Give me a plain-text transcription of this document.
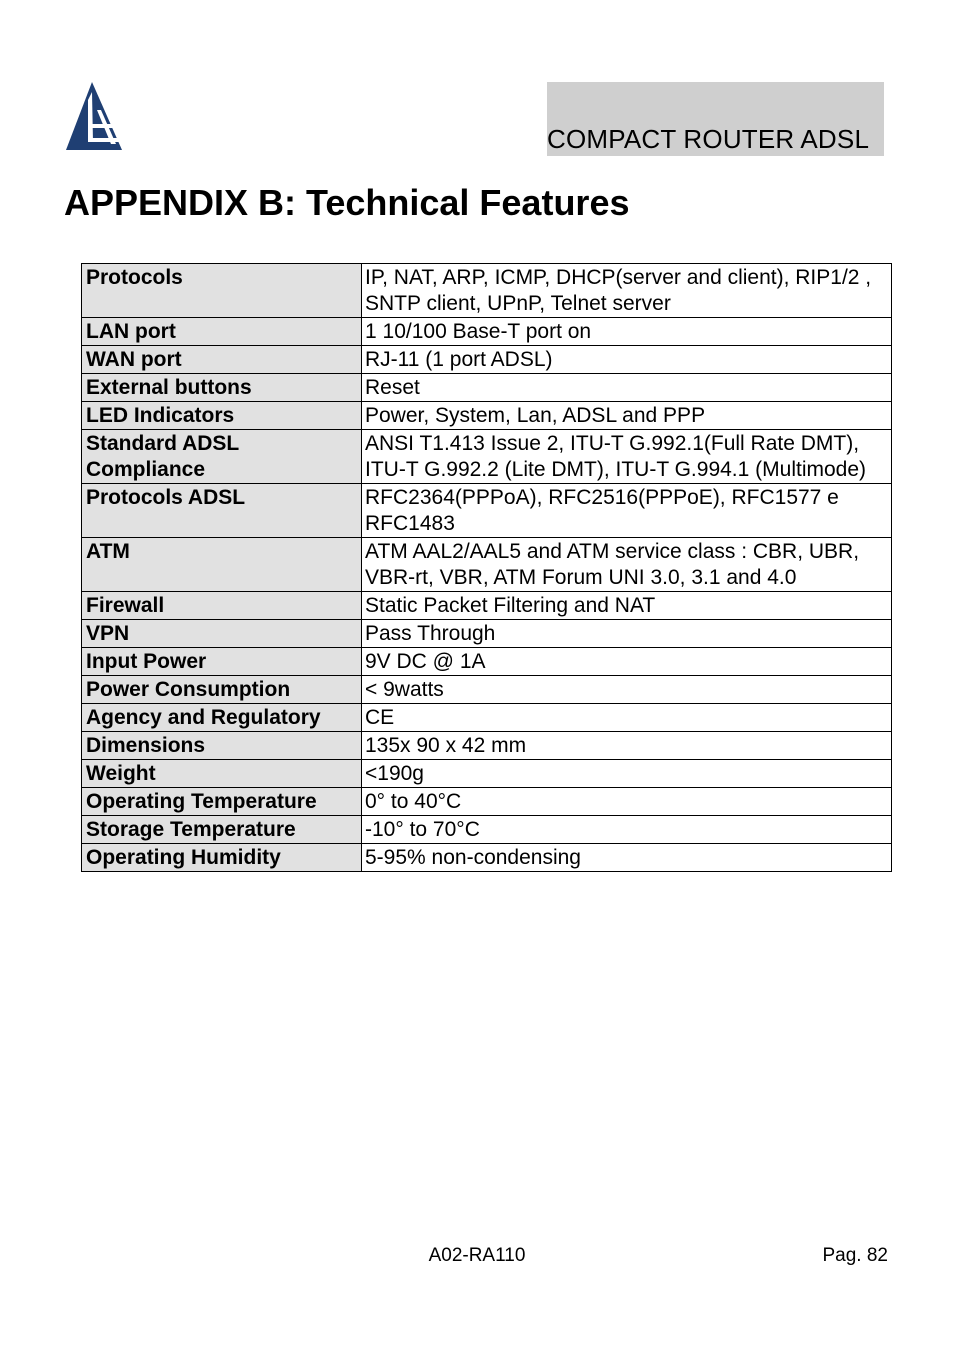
COMPACT ROUTER ADSL
APPENDIX B: Technical Features
Protocols	IP, NAT, ARP, ICMP, DHCP(server and client), RIP1/2 , SNTP client, UPnP, Telnet server
LAN port	1 10/100 Base-T port on
WAN port	RJ-11 (1 port ADSL)
External buttons	Reset
LED Indicators	Power, System, Lan, ADSL and PPP
Standard ADSL Compliance	ANSI T1.413 Issue 2, ITU-T G.992.1(Full Rate DMT), ITU-T G.992.2 (Lite DMT), ITU-T G.994.1 (Multimode)
Protocols ADSL	RFC2364(PPPoA), RFC2516(PPPoE), RFC1577 e RFC1483
ATM	ATM AAL2/AAL5 and ATM service class : CBR, UBR, VBR-rt, VBR, ATM Forum UNI 3.0, 3.1 and 4.0
Firewall	Static Packet Filtering and NAT
VPN	Pass Through
Input Power	9V DC @ 1A
Power Consumption	< 9watts
Agency and Regulatory	CE
Dimensions	135x 90 x 42 mm
Weight	<190g
Operating Temperature	0° to 40°C
Storage Temperature	-10° to 70°C
Operating Humidity	5-95% non-condensing
A02-RA110	Pag. 82
